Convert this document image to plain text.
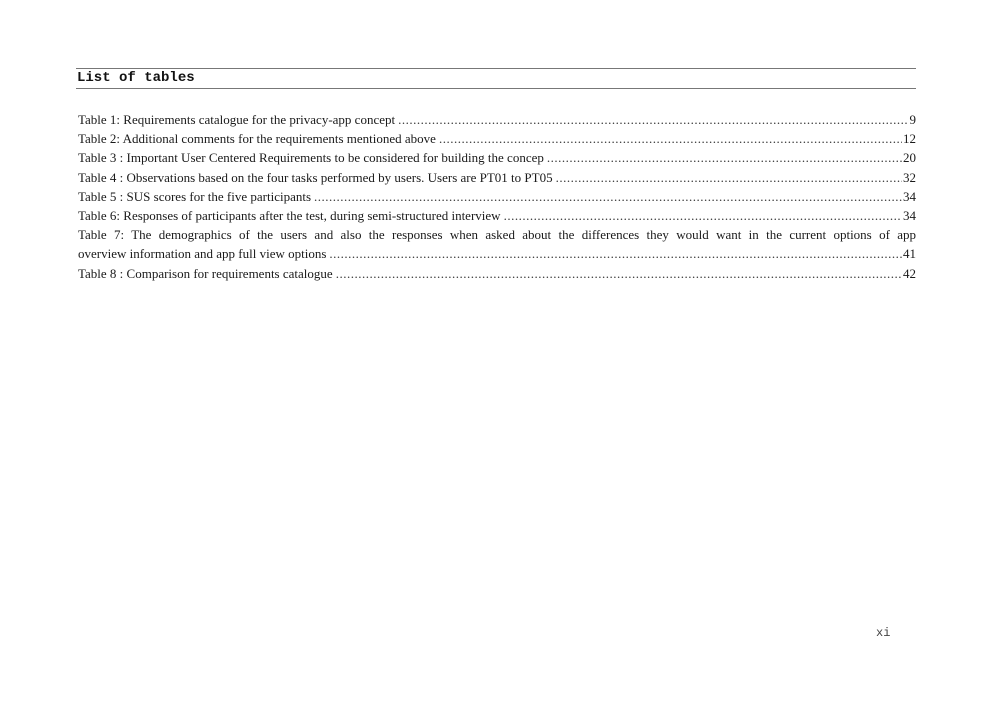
List of tables
Table 1: Requirements catalogue for the privacy-app concept .....	9
Table 2: Additional comments for the requirements mentioned above .....	12
Table 3 : Important User Centered Requirements to be considered for building the concep .....	20
Table 4 : Observations based on the four tasks performed by users. Users are PT01 to PT05 .....	32
Table 5 : SUS scores for the five participants .....	34
Table 6: Responses of participants after the test, during semi-structured interview .....	34
Table 7: The demographics of the users and also the responses when asked about the differences they would want in the current options of app
overview information and app full view options .....	41
Table 8 : Comparison for requirements catalogue .....	42

xi
